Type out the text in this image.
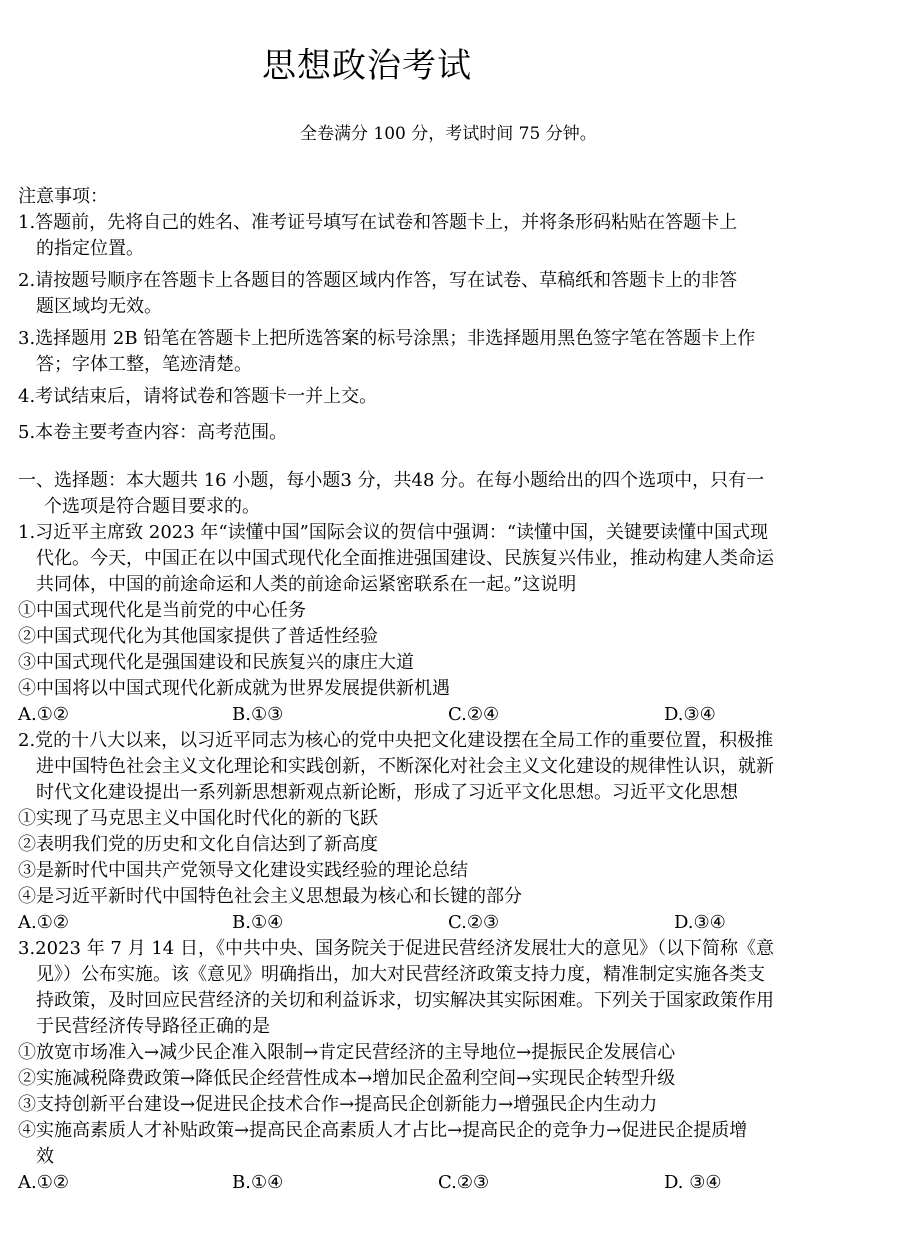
思想政治考试
全卷满分 100 分，考试时间 75 分钟。
注意事项：
1.答题前，先将自己的姓名、准考证号填写在试卷和答题卡上，并将条形码粘贴在答题卡上
的指定位置。
2.请按题号顺序在答题卡上各题目的答题区域内作答，写在试卷、草稿纸和答题卡上的非答
题区域均无效。
3.选择题用 2B 铅笔在答题卡上把所选答案的标号涂黑；非选择题用黑色签字笔在答题卡上作
答；字体工整，笔迹清楚。
4.考试结束后，请将试卷和答题卡一并上交。
5.本卷主要考查内容：高考范围。
一、选择题：本大题共 16 小题，每小题3 分，共48 分。在每小题给出的四个选项中，只有一
个选项是符合题目要求的。
1.习近平主席致 2023 年“读懂中国”国际会议的贺信中强调：“读懂中国，关键要读懂中国式现
代化。今天，中国正在以中国式现代化全面推进强国建设、民族复兴伟业，推动构建人类命运
共同体，中国的前途命运和人类的前途命运紧密联系在一起。”这说明
①中国式现代化是当前党的中心任务
②中国式现代化为其他国家提供了普适性经验
③中国式现代化是强国建设和民族复兴的康庄大道
④中国将以中国式现代化新成就为世界发展提供新机遇
A.①②	B.①③	C.②④	D.③④
2.党的十八大以来，以习近平同志为核心的党中央把文化建设摆在全局工作的重要位置，积极推
进中国特色社会主义文化理论和实践创新，不断深化对社会主义文化建设的规律性认识，就新
时代文化建设提出一系列新思想新观点新论断，形成了习近平文化思想。习近平文化思想
①实现了马克思主义中国化时代化的新的飞跃
②表明我们党的历史和文化自信达到了新高度
③是新时代中国共产党领导文化建设实践经验的理论总结
④是习近平新时代中国特色社会主义思想最为核心和长键的部分
A.①②	B.①④	C.②③	D.③④
3.2023 年 7 月 14 日，《中共中央、国务院关于促进民营经济发展壮大的意见》（以下简称《意
见》）公布实施。该《意见》明确指出，加大对民营经济政策支持力度，精准制定实施各类支
持政策，及时回应民营经济的关切和利益诉求，切实解决其实际困难。下列关于国家政策作用
于民营经济传导路径正确的是
①放宽市场准入→减少民企准入限制→肯定民营经济的主导地位→提振民企发展信心
②实施减税降费政策→降低民企经营性成本→增加民企盈利空间→实现民企转型升级
③支持创新平台建设→促进民企技术合作→提高民企创新能力→增强民企内生动力
④实施高素质人才补贴政策→提高民企高素质人才占比→提高民企的竞争力→促进民企提质增
效
A.①②	B.①④	C.②③	D. ③④
